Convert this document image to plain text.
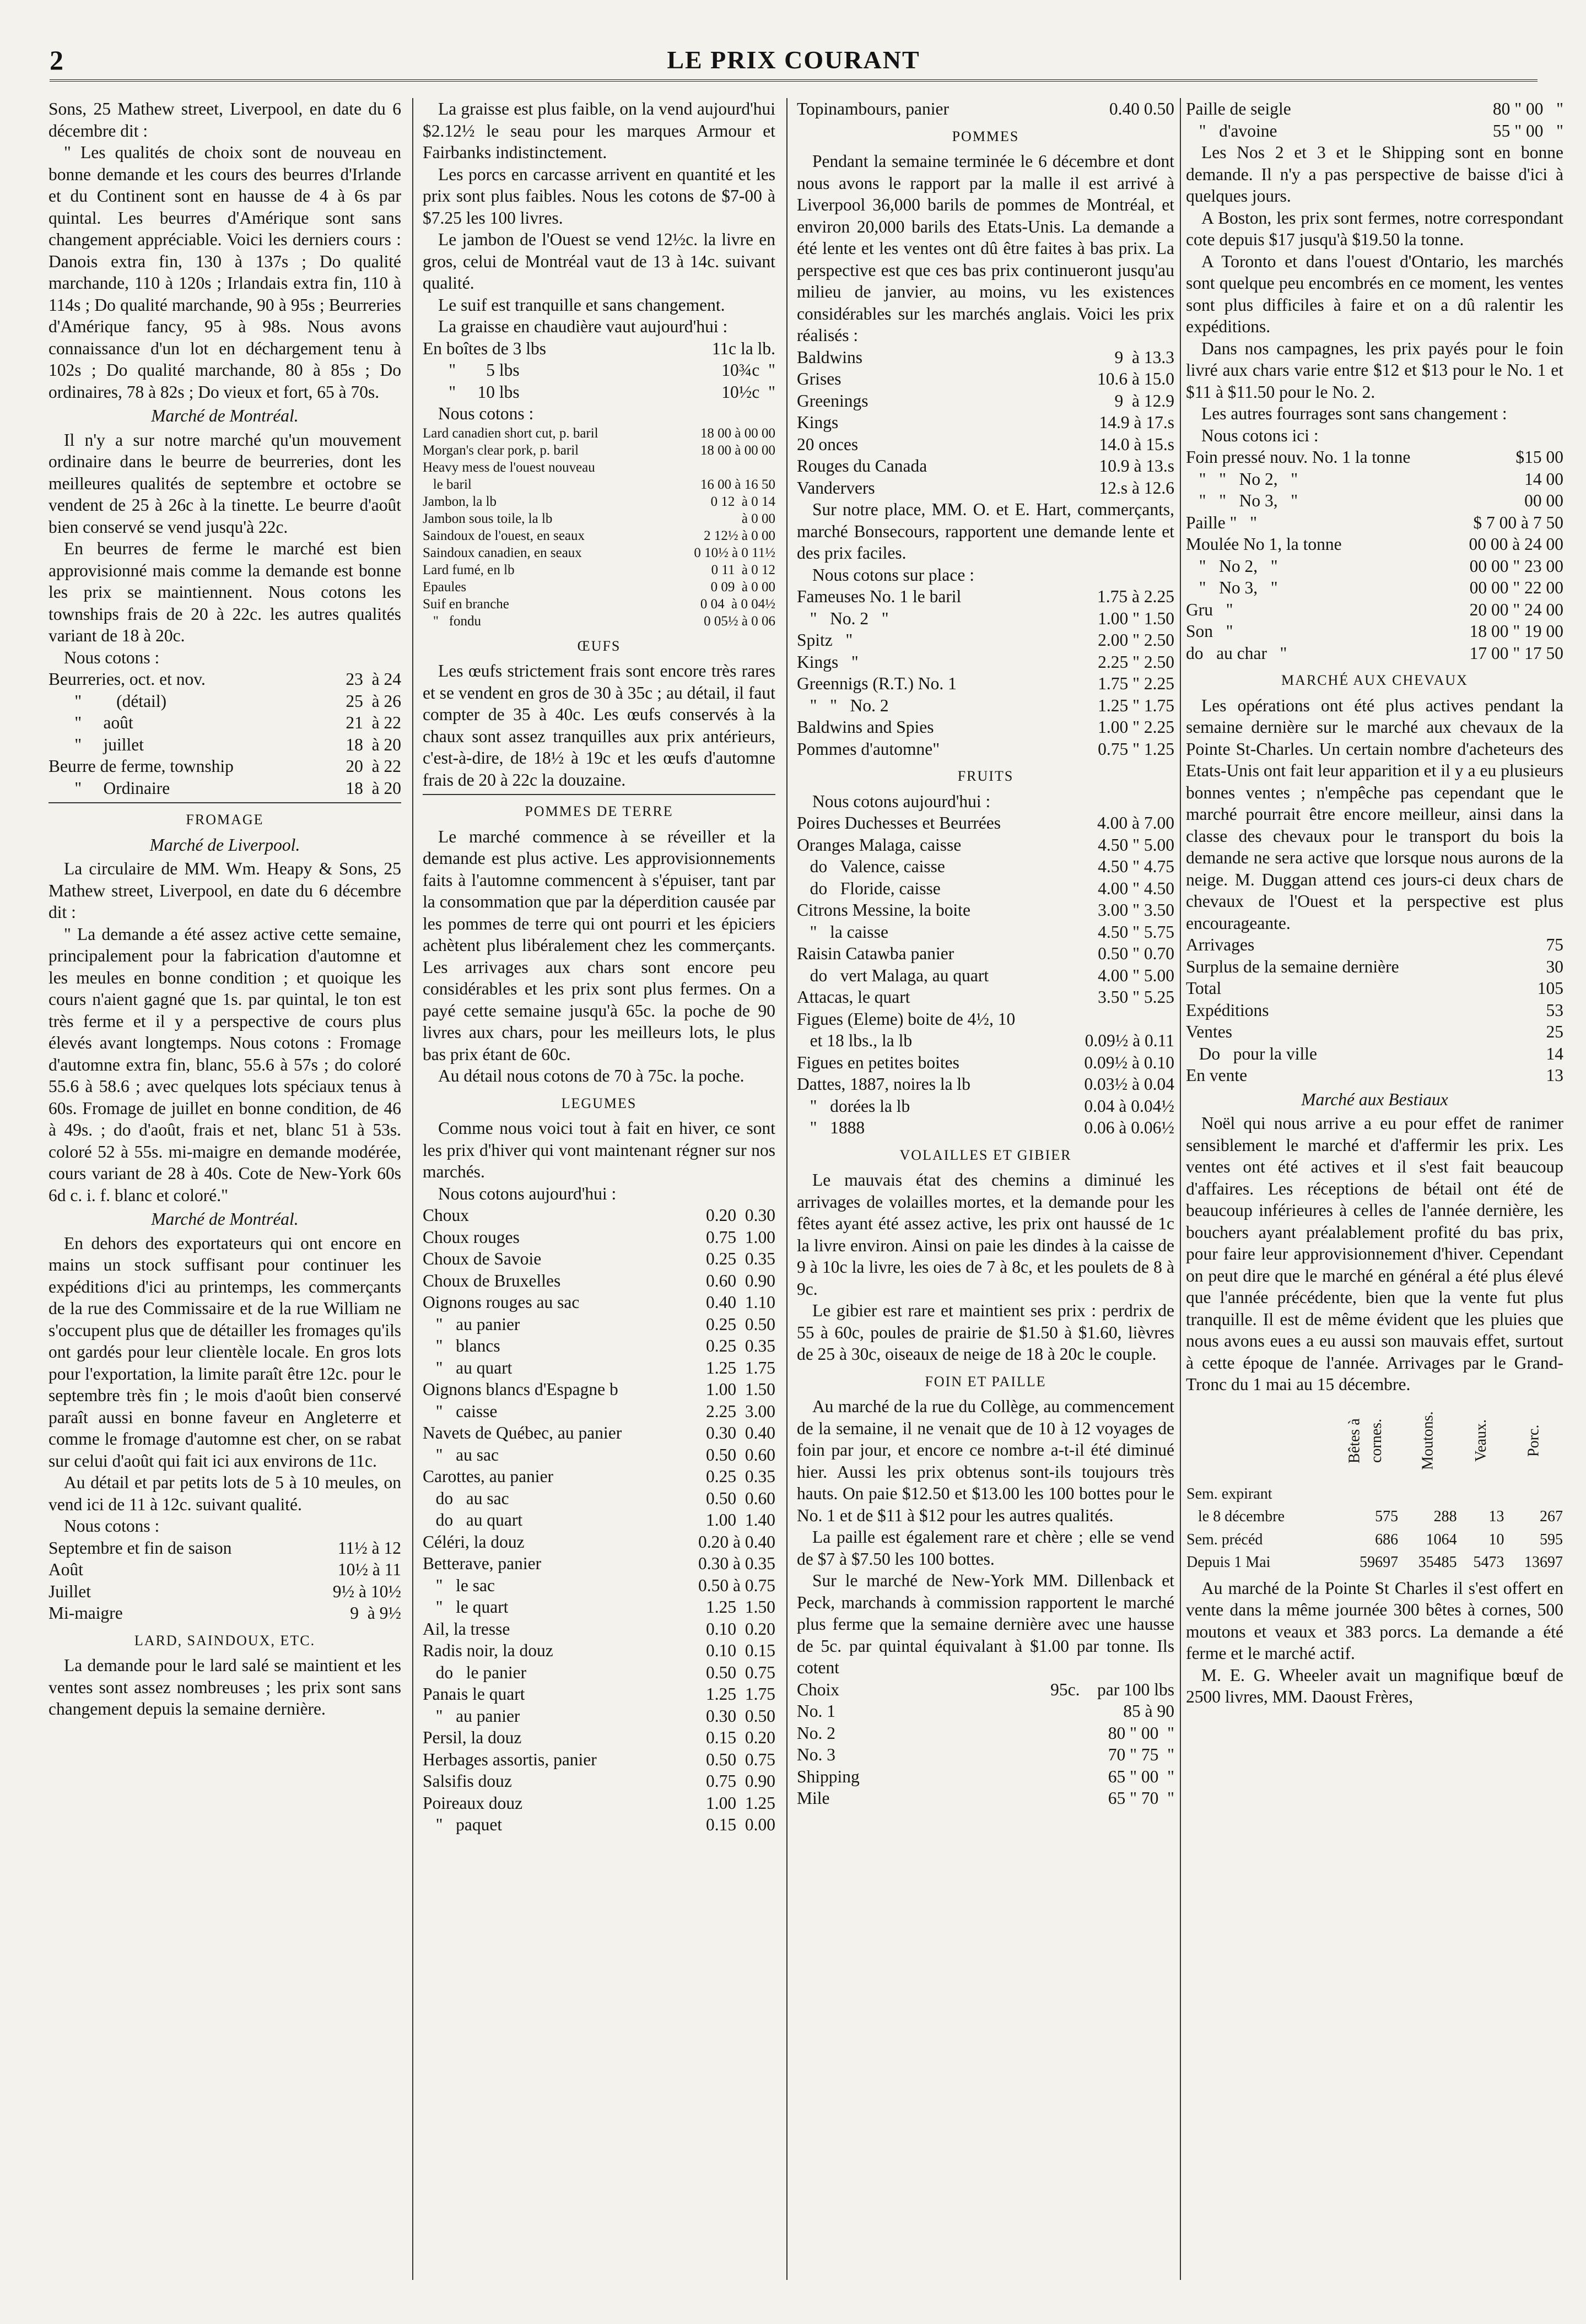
2	LE PRIX COURANT

Sons, 25 Mathew street, Liverpool, en date du 6 décembre dit :

" Les qualités de choix sont de nouveau en bonne demande et les cours des beurres d'Irlande et du Continent sont en hausse de 4 à 6s par quintal. Les beurres d'Amérique sont sans changement appréciable. Voici les derniers cours : Danois extra fin, 130 à 137s ; Do qualité marchande, 110 à 120s ; Irlandais extra fin, 110 à 114s ; Do qualité marchande, 90 à 95s ; Beurreries d'Amérique fancy, 95 à 98s. Nous avons connaissance d'un lot en déchargement tenu à 102s ; Do qualité marchande, 80 à 85s ; Do ordinaires, 78 à 82s ; Do vieux et fort, 65 à 70s.

Marché de Montréal.

Il n'y a sur notre marché qu'un mouvement ordinaire dans le beurre de beurreries, dont les meilleures qualités de septembre et octobre se vendent de 25 à 26c à la tinette. Le beurre d'août bien conservé se vend jusqu'à 22c.

En beurres de ferme le marché est bien approvisionné mais comme la demande est bonne les prix se maintiennent. Nous cotons les townships frais de 20 à 22c. les autres qualités variant de 18 à 20c.

Nous cotons :

Beurreries, oct. et nov.	23  à 24
"        (détail)	25  à 26
"     août	21  à 22
"     juillet	18  à 20
Beurre de ferme, township	20  à 22
"     Ordinaire	18  à 20
FROMAGE
Marché de Liverpool.

La circulaire de MM. Wm. Heapy & Sons, 25 Mathew street, Liverpool, en date du 6 décembre dit :

" La demande a été assez active cette semaine, principalement pour la fabrication d'automne et les meules en bonne condition ; et quoique les cours n'aient gagné que 1s. par quintal, le ton est très ferme et il y a perspective de cours plus élevés avant longtemps. Nous cotons : Fromage d'automne extra fin, blanc, 55.6 à 57s ; do coloré 55.6 à 58.6 ; avec quelques lots spéciaux tenus à 60s. Fromage de juillet en bonne condition, de 46 à 49s. ; do d'août, frais et net, blanc 51 à 53s. coloré 52 à 55s. mi-maigre en demande modérée, cours variant de 28 à 40s. Cote de New-York 60s 6d c. i. f. blanc et coloré."

Marché de Montréal.

En dehors des exportateurs qui ont encore en mains un stock suffisant pour continuer les expéditions d'ici au printemps, les commerçants de la rue des Commissaire et de la rue William ne s'occupent plus que de détailler les fromages qu'ils ont gardés pour leur clientèle locale. En gros lots pour l'exportation, la limite paraît être 12c. pour le septembre très fin ; le mois d'août bien conservé paraît aussi en bonne faveur en Angleterre et comme le fromage d'automne est cher, on se rabat sur celui d'août qui fait ici aux environs de 11c.

Au détail et par petits lots de 5 à 10 meules, on vend ici de 11 à 12c. suivant qualité.

Nous cotons :

Septembre et fin de saison	11½ à 12
Août	10½ à 11
Juillet	9½ à 10½
Mi-maigre	9  à 9½
LARD, SAINDOUX, ETC.

La demande pour le lard salé se maintient et les ventes sont assez nombreuses ; les prix sont sans changement depuis la semaine dernière.

La graisse est plus faible, on la vend aujourd'hui $2.12½ le seau pour les marques Armour et Fairbanks indistinctement.

Les porcs en carcasse arrivent en quantité et les prix sont plus faibles. Nous les cotons de $7-00 à $7.25 les 100 livres.

Le jambon de l'Ouest se vend 12½c. la livre en gros, celui de Montréal vaut de 13 à 14c. suivant qualité.

Le suif est tranquille et sans changement.

La graisse en chaudière vaut aujourd'hui :

En boîtes de 3 lbs	11c la lb.
"       5 lbs	10¾c  "
"     10 lbs	10½c  "

Nous cotons :

Lard canadien short cut, p. baril	18 00 à 00 00
Morgan's clear pork, p. baril	18 00 à 00 00
Heavy mess de l'ouest nouveau
le baril	16 00 à 16 50
Jambon, la lb	0 12  à 0 14
Jambon sous toile, la lb	à 0 00
Saindoux de l'ouest, en seaux	2 12½ à 0 00
Saindoux canadien, en seaux	0 10½ à 0 11½
Lard fumé, en lb	0 11  à 0 12
Epaules	0 09  à 0 00
Suif en branche	0 04  à 0 04½
"   fondu	0 05½ à 0 06
ŒUFS

Les œufs strictement frais sont encore très rares et se vendent en gros de 30 à 35c ; au détail, il faut compter de 35 à 40c. Les œufs conservés à la chaux sont assez tranquilles aux prix antérieurs, c'est-à-dire, de 18½ à 19c et les œufs d'automne frais de 20 à 22c la douzaine.

POMMES DE TERRE

Le marché commence à se réveiller et la demande est plus active. Les approvisionnements faits à l'automne commencent à s'épuiser, tant par la consommation que par la déperdition causée par les pommes de terre qui ont pourri et les épiciers achètent plus libéralement chez les commerçants. Les arrivages aux chars sont encore peu considérables et les prix sont plus fermes. On a payé cette semaine jusqu'à 65c. la poche de 90 livres aux chars, pour les meilleurs lots, le plus bas prix étant de 60c.

Au détail nous cotons de 70 à 75c. la poche.

LEGUMES

Comme nous voici tout à fait en hiver, ce sont les prix d'hiver qui vont maintenant régner sur nos marchés.

Nous cotons aujourd'hui :

Choux	0.20  0.30
Choux rouges	0.75  1.00
Choux de Savoie	0.25  0.35
Choux de Bruxelles	0.60  0.90
Oignons rouges au sac	0.40  1.10
"   au panier	0.25  0.50
"   blancs	0.25  0.35
"   au quart	1.25  1.75
Oignons blancs d'Espagne b	1.00  1.50
"   caisse	2.25  3.00
Navets de Québec, au panier	0.30  0.40
"   au sac	0.50  0.60
Carottes, au panier	0.25  0.35
do   au sac	0.50  0.60
do   au quart	1.00  1.40
Céléri, la douz	0.20 à 0.40
Betterave, panier	0.30 à 0.35
"   le sac	0.50 à 0.75
"   le quart	1.25  1.50
Ail, la tresse	0.10  0.20
Radis noir, la douz	0.10  0.15
do   le panier	0.50  0.75
Panais le quart	1.25  1.75
"   au panier	0.30  0.50
Persil, la douz	0.15  0.20
Herbages assortis, panier	0.50  0.75
Salsifis douz	0.75  0.90
Poireaux douz	1.00  1.25
"   paquet	0.15  0.00
Topinambours, panier	0.40 0.50
POMMES

Pendant la semaine terminée le 6 décembre et dont nous avons le rapport par la malle il est arrivé à Liverpool 36,000 barils de pommes de Montréal, et environ 20,000 barils des Etats-Unis. La demande a été lente et les ventes ont dû être faites à bas prix. La perspective est que ces bas prix continueront jusqu'au milieu de janvier, au moins, vu les existences considérables sur les marchés anglais. Voici les prix réalisés :

Baldwins	9  à 13.3
Grises	10.6 à 15.0
Greenings	9  à 12.9
Kings	14.9 à 17.s
20 onces	14.0 à 15.s
Rouges du Canada	10.9 à 13.s
Vandervers	12.s à 12.6

Sur notre place, MM. O. et E. Hart, commerçants, marché Bonsecours, rapportent une demande lente et des prix faciles.

Nous cotons sur place :

Fameuses No. 1 le baril	1.75 à 2.25
"   No. 2   "	1.00 " 1.50
Spitz   "	2.00 " 2.50
Kings   "	2.25 " 2.50
Greennigs (R.T.) No. 1	1.75 " 2.25
"   "   No. 2	1.25 " 1.75
Baldwins and Spies	1.00 " 2.25
Pommes d'automne"	0.75 " 1.25
FRUITS

Nous cotons aujourd'hui :

Poires Duchesses et Beurrées	4.00 à 7.00
Oranges Malaga, caisse	4.50 " 5.00
do   Valence, caisse	4.50 " 4.75
do   Floride, caisse	4.00 " 4.50
Citrons Messine, la boite	3.00 " 3.50
"   la caisse	4.50 " 5.75
Raisin Catawba panier	0.50 " 0.70
do   vert Malaga, au quart	4.00 " 5.00
Attacas, le quart	3.50 " 5.25
Figues (Eleme) boite de 4½, 10
et 18 lbs., la lb	0.09½ à 0.11
Figues en petites boites	0.09½ à 0.10
Dattes, 1887, noires la lb	0.03½ à 0.04
"   dorées la lb	0.04 à 0.04½
"   1888	0.06 à 0.06½
VOLAILLES ET GIBIER

Le mauvais état des chemins a diminué les arrivages de volailles mortes, et la demande pour les fêtes ayant été assez active, les prix ont haussé de 1c la livre environ. Ainsi on paie les dindes à la caisse de 9 à 10c la livre, les oies de 7 à 8c, et les poulets de 8 à 9c.

Le gibier est rare et maintient ses prix : perdrix de 55 à 60c, poules de prairie de $1.50 à $1.60, lièvres de 25 à 30c, oiseaux de neige de 18 à 20c le couple.

FOIN ET PAILLE

Au marché de la rue du Collège, au commencement de la semaine, il ne venait que de 10 à 12 voyages de foin par jour, et encore ce nombre a-t-il été diminué hier. Aussi les prix obtenus sont-ils toujours très hauts. On paie $12.50 et $13.00 les 100 bottes pour le No. 1 et de $11 à $12 pour les autres qualités.

La paille est également rare et chère ; elle se vend de $7 à $7.50 les 100 bottes.

Sur le marché de New-York MM. Dillenback et Peck, marchands à commission rapportent le marché plus ferme que la semaine dernière avec une hausse de 5c. par quintal équivalant à $1.00 par tonne. Ils cotent

Choix	95c.    par 100 lbs
No. 1	85 à 90
No. 2	80 " 00  "
No. 3	70 " 75  "
Shipping	65 " 00  "
Mile	65 " 70  "
Paille de seigle	80 " 00   "
"   d'avoine	55 " 00   "

Les Nos 2 et 3 et le Shipping sont en bonne demande. Il n'y a pas perspective de baisse d'ici à quelques jours.

A Boston, les prix sont fermes, notre correspondant cote depuis $17 jusqu'à $19.50 la tonne.

A Toronto et dans l'ouest d'Ontario, les marchés sont quelque peu encombrés en ce moment, les ventes sont plus difficiles à faire et on a dû ralentir les expéditions.

Dans nos campagnes, les prix payés pour le foin livré aux chars varie entre $12 et $13 pour le No. 1 et $11 à $11.50 pour le No. 2.

Les autres fourrages sont sans changement :

Nous cotons ici :

Foin pressé nouv. No. 1 la tonne	$15 00
"   "   No 2,   "	14 00
"   "   No 3,   "	00 00
Paille "   "	$ 7 00 à 7 50
Moulée No 1, la tonne	00 00 à 24 00
"   No 2,   "	00 00 " 23 00
"   No 3,   "	00 00 " 22 00
Gru   "	20 00 " 24 00
Son   "	18 00 " 19 00
do   au char   "	17 00 " 17 50
MARCHÉ AUX CHEVAUX

Les opérations ont été plus actives pendant la semaine dernière sur le marché aux chevaux de la Pointe St-Charles. Un certain nombre d'acheteurs des Etats-Unis ont fait leur apparition et il y a eu plusieurs bonnes ventes ; n'empêche pas cependant que le marché pourrait être encore meilleur, ainsi dans la classe des chevaux pour le transport du bois la demande ne sera active que lorsque nous aurons de la neige. M. Duggan attend ces jours-ci deux chars de chevaux de l'Ouest et la perspective est plus encourageante.

Arrivages	75
Surplus de la semaine dernière	30
Total	105
Expéditions	53
Ventes	25
Do   pour la ville	14
En vente	13
Marché aux Bestiaux

Noël qui nous arrive a eu pour effet de ranimer sensiblement le marché et d'affermir les prix. Les ventes ont été actives et il s'est fait beaucoup d'affaires. Les réceptions de bétail ont été de beaucoup inférieures à celles de l'année dernière, les bouchers ayant préalablement profité du bas prix, pour faire leur approvisionnement d'hiver. Cependant on peut dire que le marché en général a été plus élevé que l'année précédente, bien que la vente fut plus tranquille. Il est de même évident que les pluies que nous avons eues a eu aussi son mauvais effet, surtout à cette époque de l'année. Arrivages par le Grand-Tronc du 1 mai au 15 décembre.

	Bêtes à cornes.	Moutons.	Veaux.	Porc.
Sem. expirant				
le 8 décembre	575	288	13	267
Sem. précéd	686	1064	10	595
Depuis 1 Mai	59697	35485	5473	13697

Au marché de la Pointe St Charles il s'est offert en vente dans la même journée 300 bêtes à cornes, 500 moutons et veaux et 383 porcs. La demande a été ferme et le marché actif.

M. E. G. Wheeler avait un magnifique bœuf de 2500 livres, MM. Daoust Frères,
